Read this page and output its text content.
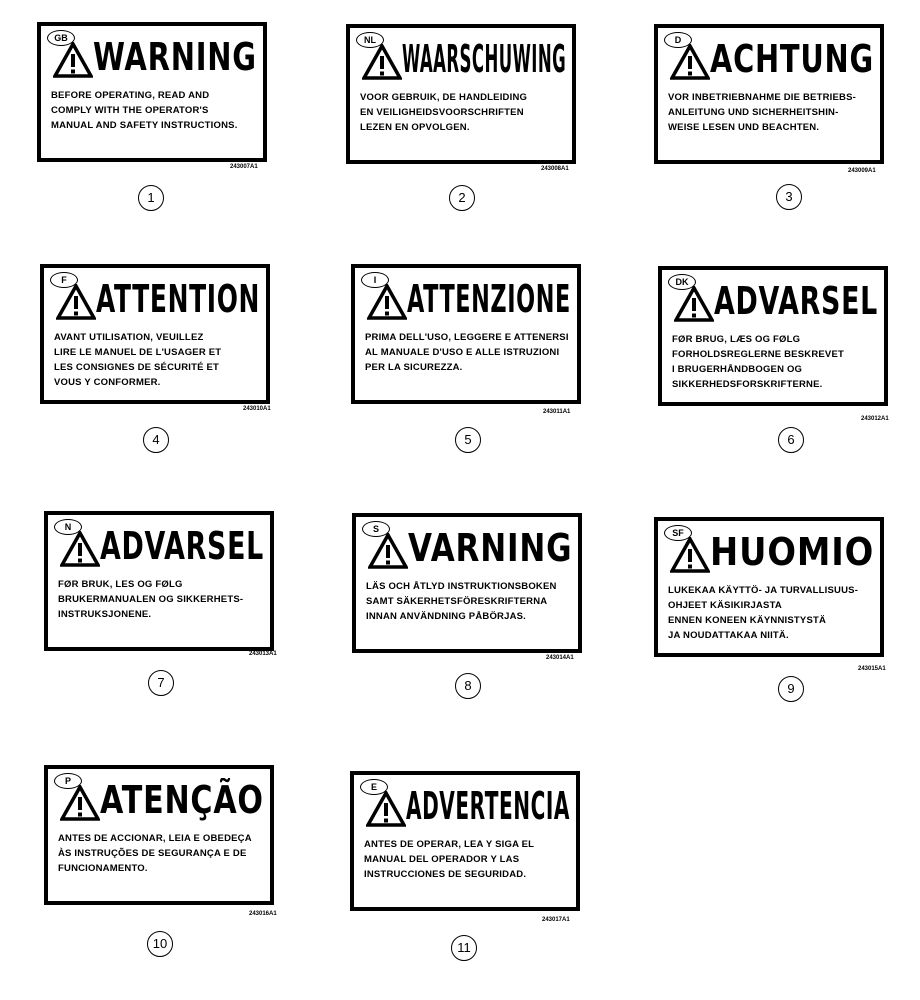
GB WARNING
BEFORE OPERATING, READ AND
COMPLY WITH THE OPERATOR'S
MANUAL AND SAFETY INSTRUCTIONS.
243007A1
1
NL WAARSCHUWING
VOOR GEBRUIK, DE HANDLEIDING
EN VEILIGHEIDSVOORSCHRIFTEN
LEZEN EN OPVOLGEN.
243008A1
2
D ACHTUNG
VOR INBETRIEBNAHME DIE BETRIEBS-
ANLEITUNG UND SICHERHEITSHIN-
WEISE LESEN UND BEACHTEN.
243009A1
3
F ATTENTION
AVANT UTILISATION, VEUILLEZ
LIRE LE MANUEL DE L'USAGER ET
LES CONSIGNES DE SÉCURITÉ ET
VOUS Y CONFORMER.
243010A1
4
I ATTENZIONE
PRIMA DELL'USO, LEGGERE E ATTENERSI
AL MANUALE D'USO E ALLE ISTRUZIONI
PER LA SICUREZZA.
243011A1
5
DK ADVARSEL
FØR BRUG, LÆS OG FØLG
FORHOLDSREGLERNE BESKREVET
I BRUGERHÅNDBOGEN OG
SIKKERHEDSFORSKRIFTERNE.
243012A1
6
N ADVARSEL
FØR BRUK, LES OG FØLG
BRUKERMANUALEN OG SIKKERHETS-
INSTRUKSJONENE.
243013A1
7
S VARNING
LÄS OCH ÅTLYD INSTRUKTIONSBOKEN
SAMT SÄKERHETSFÖRESKRIFTERNA
INNAN ANVÄNDNING PÅBÖRJAS.
243014A1
8
SF HUOMIO
LUKEKAA KÄYTTÖ- JA TURVALLISUUS-
OHJEET KÄSIKIRJASTA
ENNEN KONEEN KÄYNNISTYSTÄ
JA NOUDATTAKAA NIITÄ.
243015A1
9
P ATENÇÃO
ANTES DE ACCIONAR, LEIA E OBEDEÇA
ÀS INSTRUÇÕES DE SEGURANÇA E DE
FUNCIONAMENTO.
243016A1
10
E ADVERTENCIA
ANTES DE OPERAR, LEA Y SIGA EL
MANUAL DEL OPERADOR Y LAS
INSTRUCCIONES DE SEGURIDAD.
243017A1
11
